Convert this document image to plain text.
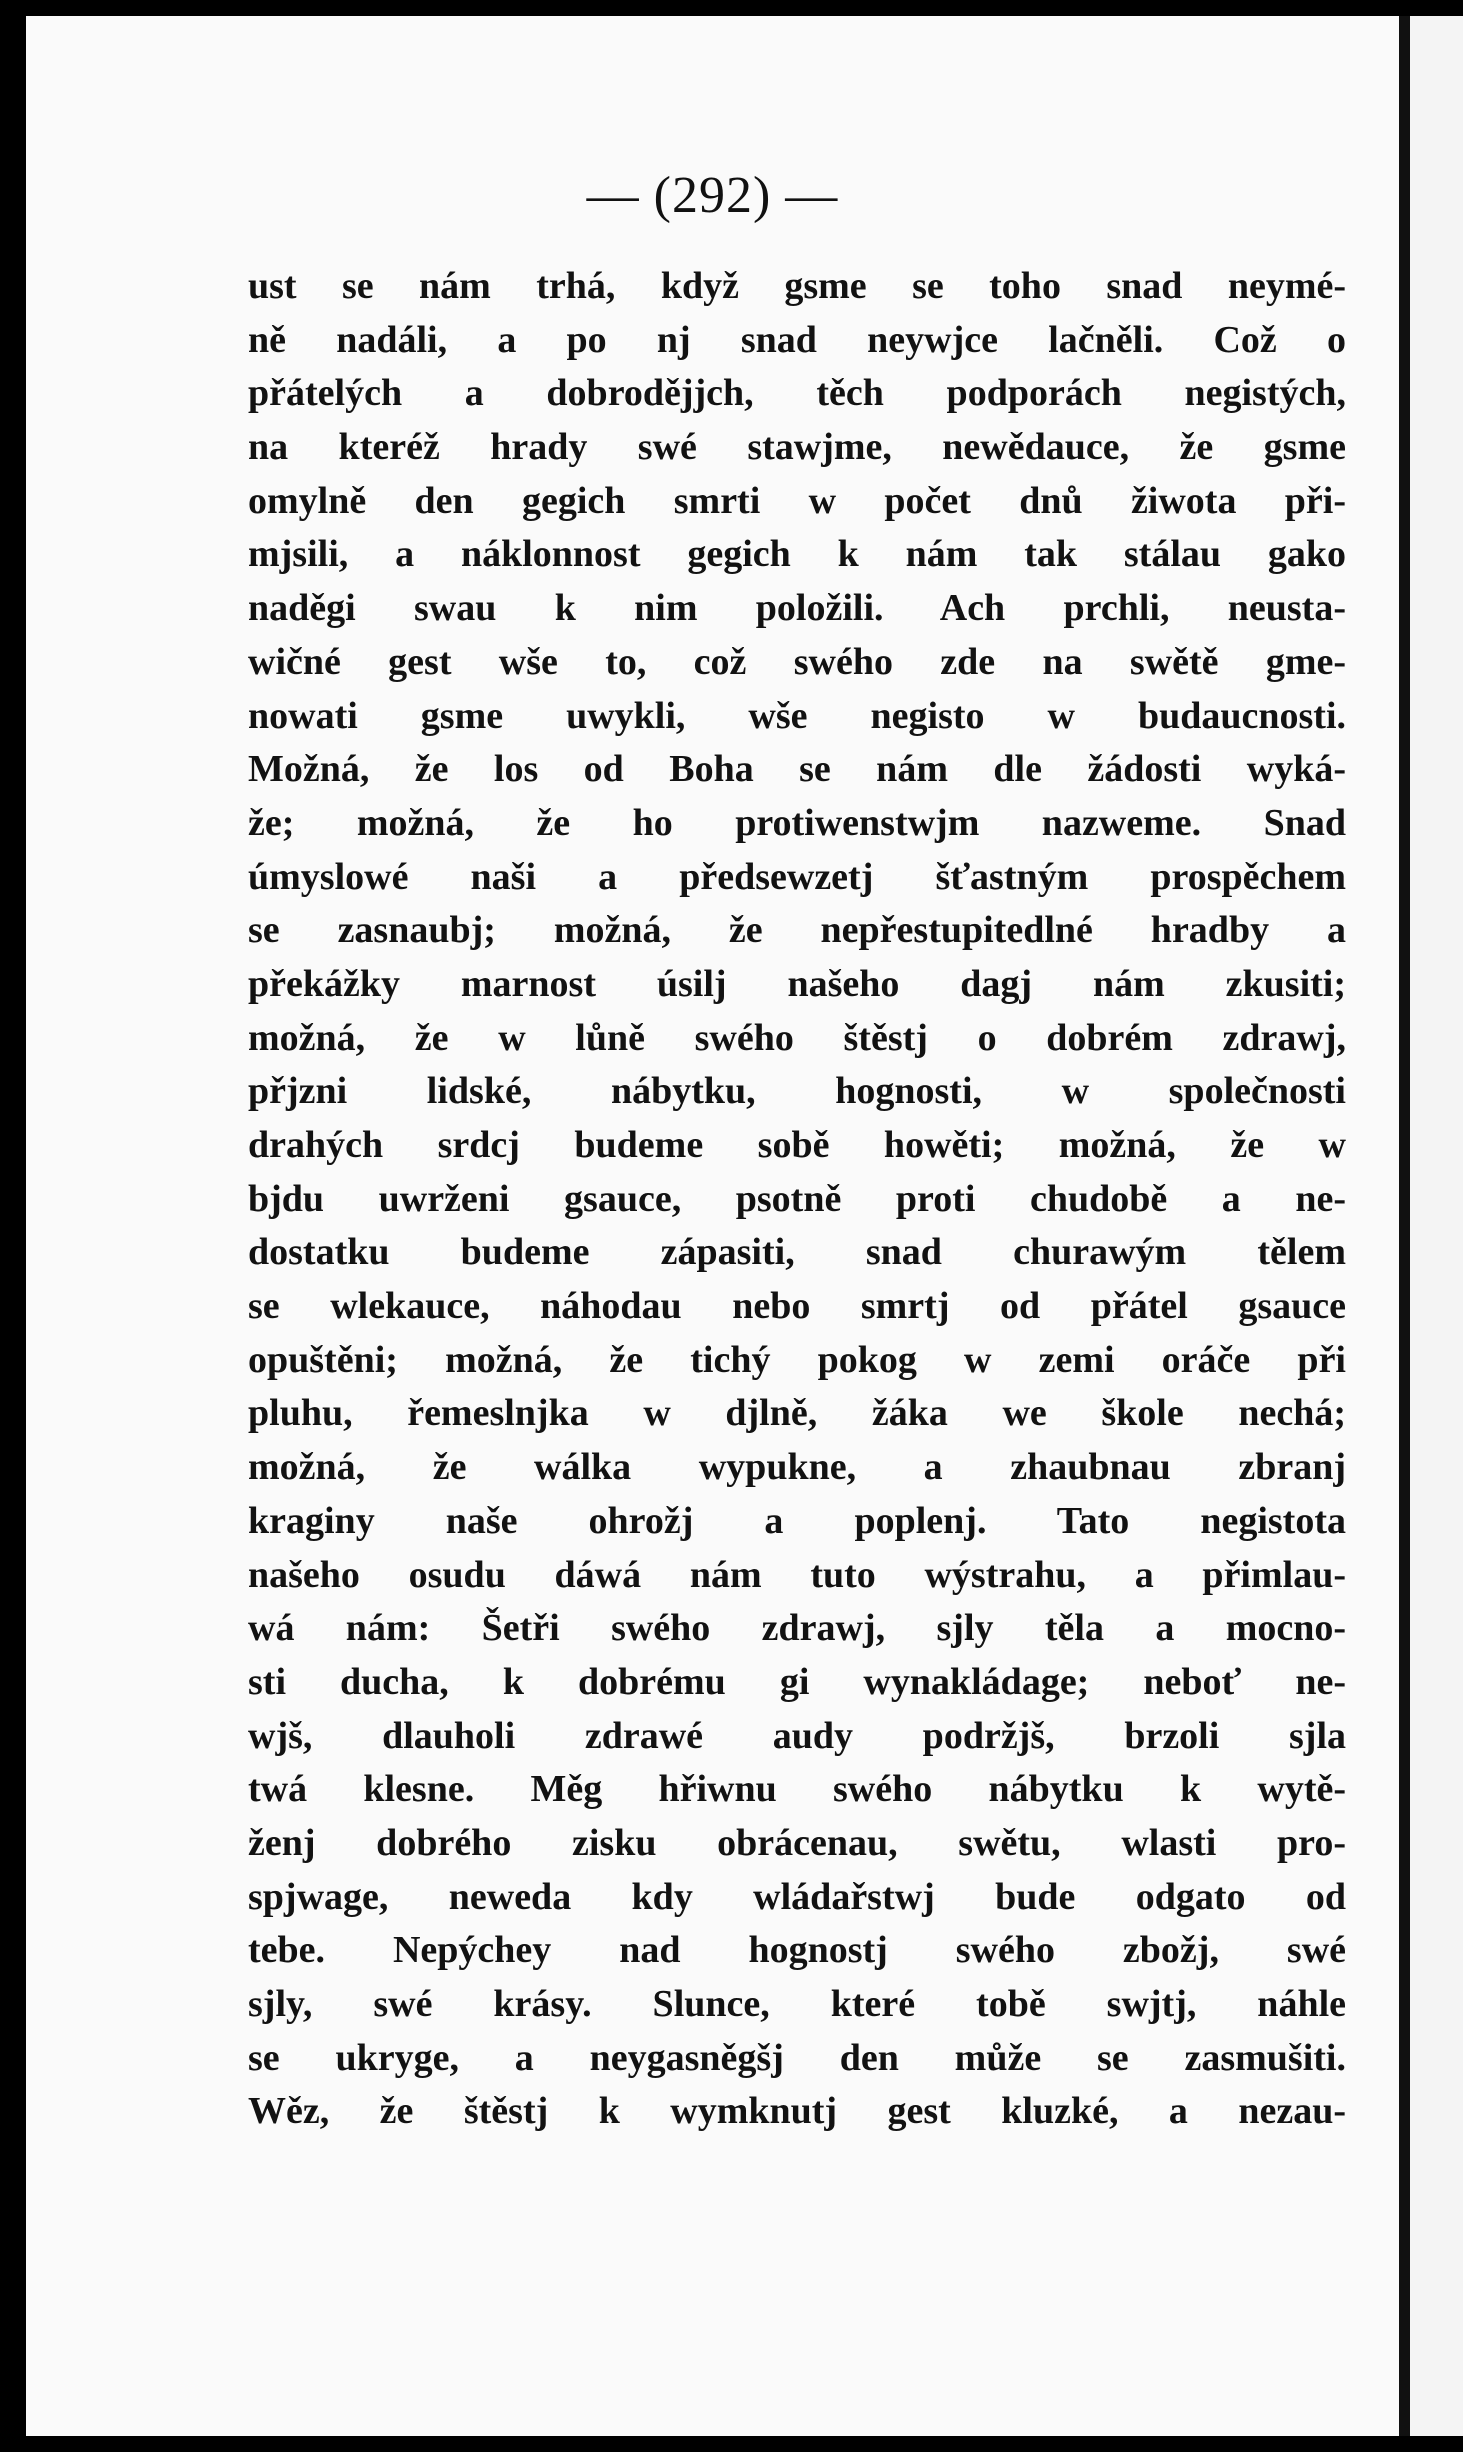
— (292) —
ust se nám trhá, když gsme se toho snad neymé-
ně nadáli, a po nj snad neywjce lačněli. Což o
přátelých a dobrodějjch, těch podporách negistých,
na kteréž hrady swé stawjme, newědauce, že gsme
omylně den gegich smrti w počet dnů žiwota při-
mjsili, a náklonnost gegich k nám tak stálau gako
naděgi swau k nim položili. Ach prchli, neusta-
wičné gest wše to, což swého zde na swětě gme-
nowati gsme uwykli, wše negisto w budaucnosti.
Možná, že los od Boha se nám dle žádosti wyká-
že; možná, že ho protiwenstwjm nazweme. Snad
úmyslowé naši a předsewzetj šťastným prospěchem
se zasnaubj; možná, že nepřestupitedlné hradby a
překážky marnost úsilj našeho dagj nám zkusiti;
možná, že w lůně swého štěstj o dobrém zdrawj,
přjzni lidské, nábytku, hognosti, w společnosti
drahých srdcj budeme sobě howěti; možná, že w
bjdu uwrženi gsauce, psotně proti chudobě a ne-
dostatku budeme zápasiti, snad churawým tělem
se wlekauce, náhodau nebo smrtj od přátel gsauce
opuštěni; možná, že tichý pokog w zemi oráče při
pluhu, řemeslnjka w djlně, žáka we škole nechá;
možná, že wálka wypukne, a zhaubnau zbranj
kraginy naše ohrožj a poplenj. Tato negistota
našeho osudu dáwá nám tuto wýstrahu, a přimlau-
wá nám: Šetři swého zdrawj, sjly těla a mocno-
sti ducha, k dobrému gi wynakládage; neboť ne-
wjš, dlauholi zdrawé audy podržjš, brzoli sjla
twá klesne. Měg hřiwnu swého nábytku k wytě-
ženj dobrého zisku obrácenau, swětu, wlasti pro-
spjwage, neweda kdy wládařstwj bude odgato od
tebe. Nepýchey nad hognostj swého zbožj, swé
sjly, swé krásy. Slunce, které tobě swjtj, náhle
se ukryge, a neygasněgšj den může se zasmušiti.
Wěz, že štěstj k wymknutj gest kluzké, a nezau-
